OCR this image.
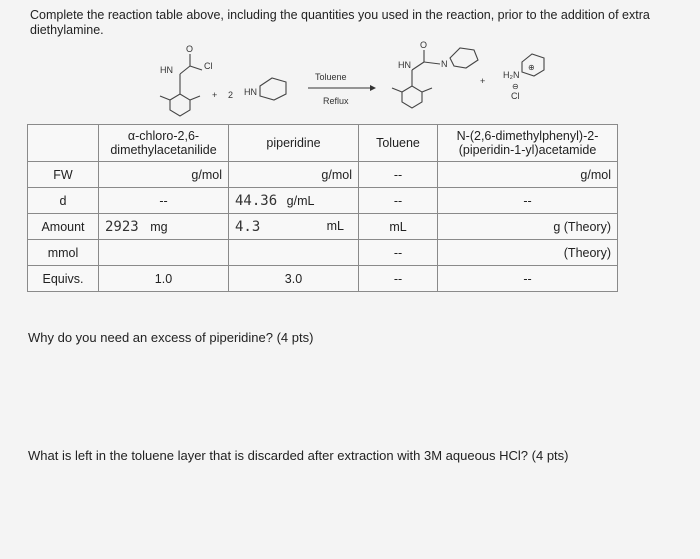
Complete the reaction table above, including the quantities you used in the reaction, prior to the addition of extra diethylamine.
O
HN	Cl
+ 2 HN
Toluene
Reflux
O
HN	N
+
H₂N
⊕
⊖
Cl
	α-chloro-2,6-
dimethylacetanilide	piperidine	Toluene	N-(2,6-dimethylphenyl)-2-
(piperidin-1-yl)acetamide
FW	g/mol	g/mol	--	g/mol
d	--	44.36 g/mL	--	--
Amount	2923 mg	4.3 mL	mL	g (Theory)
mmol			--	(Theory)
Equivs.	1.0	3.0	--	--
Why do you need an excess of piperidine? (4 pts)
What is left in the toluene layer that is discarded after extraction with 3M aqueous HCl? (4 pts)
